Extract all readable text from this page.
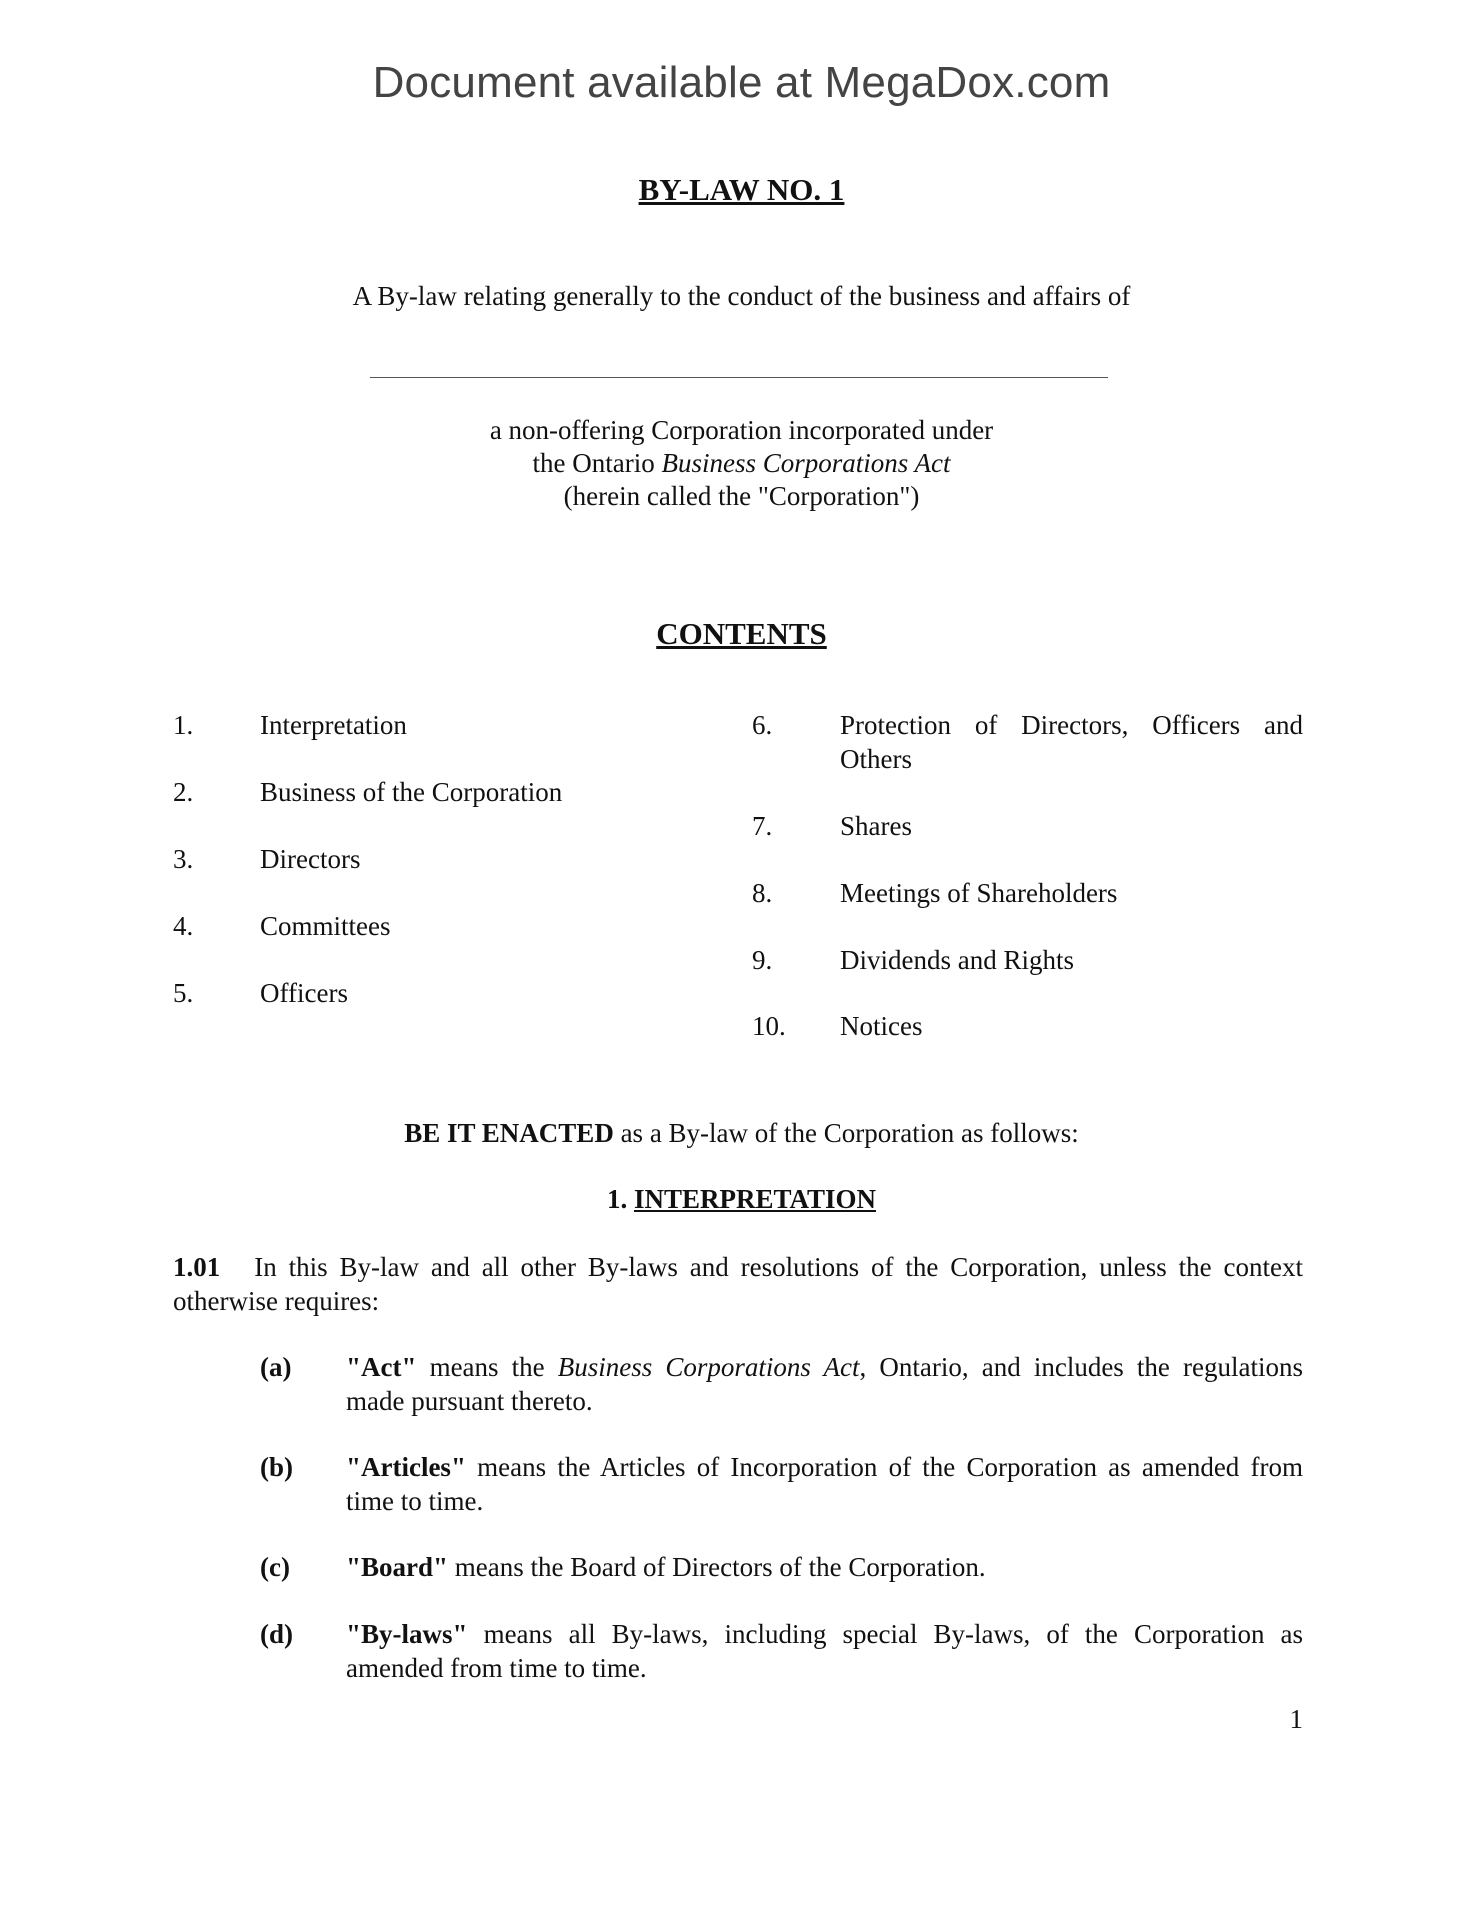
Document available at MegaDox.com
BY-LAW NO. 1
A By-law relating generally to the conduct of the business and affairs of
a non-offering Corporation incorporated under
the Ontario Business Corporations Act
(herein called the "Corporation")
CONTENTS
1. Interpretation
2. Business of the Corporation
3. Directors
4. Committees
5. Officers
6.	Protection of Directors, Officers and
Others
7.	Shares
8.	Meetings of Shareholders
9.	Dividends and Rights
10. Notices
BE IT ENACTED as a By-law of the Corporation as follows:
1. INTERPRETATION
1.01 In this By-law and all other By-laws and resolutions of the Corporation, unless the context otherwise requires:
(a) "Act" means the Business Corporations Act, Ontario, and includes the regulations made pursuant thereto.
(b) "Articles" means the Articles of Incorporation of the Corporation as amended from time to time.
(c) "Board" means the Board of Directors of the Corporation.
(d) "By-laws" means all By-laws, including special By-laws, of the Corporation as amended from time to time.
1
